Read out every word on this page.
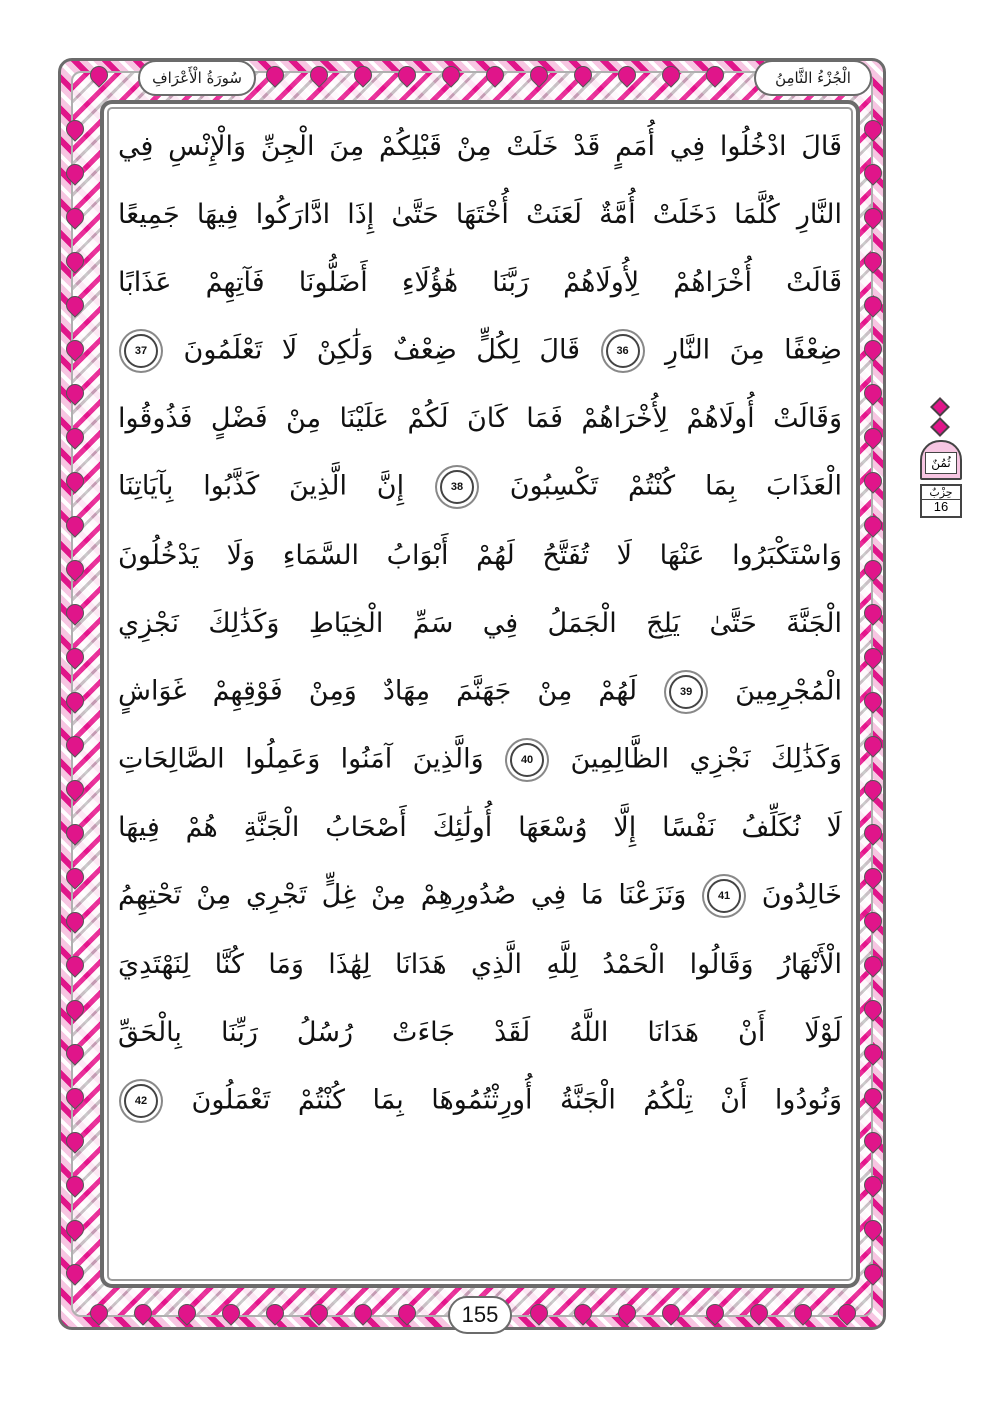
الْجُزْءُ الثَّامِنُ
سُورَةُ الْأَعْرَافِ
قَالَ ادْخُلُوا فِي أُمَمٍ قَدْ خَلَتْ مِنْ قَبْلِكُمْ مِنَ الْجِنِّ وَالْإِنْسِ فِي
النَّارِ كُلَّمَا دَخَلَتْ أُمَّةٌ لَعَنَتْ أُخْتَهَا حَتَّىٰ إِذَا ادَّارَكُوا فِيهَا جَمِيعًا
قَالَتْ أُخْرَاهُمْ لِأُولَاهُمْ رَبَّنَا هَٰؤُلَاءِ أَضَلُّونَا فَآتِهِمْ عَذَابًا
ضِعْفًا مِنَ النَّارِ 36 قَالَ لِكُلٍّ ضِعْفٌ وَلَٰكِنْ لَا تَعْلَمُونَ 37
وَقَالَتْ أُولَاهُمْ لِأُخْرَاهُمْ فَمَا كَانَ لَكُمْ عَلَيْنَا مِنْ فَضْلٍ فَذُوقُوا
الْعَذَابَ بِمَا كُنْتُمْ تَكْسِبُونَ 38 إِنَّ الَّذِينَ كَذَّبُوا بِآيَاتِنَا
وَاسْتَكْبَرُوا عَنْهَا لَا تُفَتَّحُ لَهُمْ أَبْوَابُ السَّمَاءِ وَلَا يَدْخُلُونَ
الْجَنَّةَ حَتَّىٰ يَلِجَ الْجَمَلُ فِي سَمِّ الْخِيَاطِ وَكَذَٰلِكَ نَجْزِي
الْمُجْرِمِينَ 39 لَهُمْ مِنْ جَهَنَّمَ مِهَادٌ وَمِنْ فَوْقِهِمْ غَوَاشٍ
وَكَذَٰلِكَ نَجْزِي الظَّالِمِينَ 40 وَالَّذِينَ آمَنُوا وَعَمِلُوا الصَّالِحَاتِ
لَا نُكَلِّفُ نَفْسًا إِلَّا وُسْعَهَا أُولَٰئِكَ أَصْحَابُ الْجَنَّةِ هُمْ فِيهَا
خَالِدُونَ 41 وَنَزَعْنَا مَا فِي صُدُورِهِمْ مِنْ غِلٍّ تَجْرِي مِنْ تَحْتِهِمُ
الْأَنْهَارُ وَقَالُوا الْحَمْدُ لِلَّهِ الَّذِي هَدَانَا لِهَٰذَا وَمَا كُنَّا لِنَهْتَدِيَ
لَوْلَا أَنْ هَدَانَا اللَّهُ لَقَدْ جَاءَتْ رُسُلُ رَبِّنَا بِالْحَقِّ
وَنُودُوا أَنْ تِلْكُمُ الْجَنَّةُ أُورِثْتُمُوهَا بِمَا كُنْتُمْ تَعْمَلُونَ 42
155
ثُمُنٌ
حِزْبٌ
16
